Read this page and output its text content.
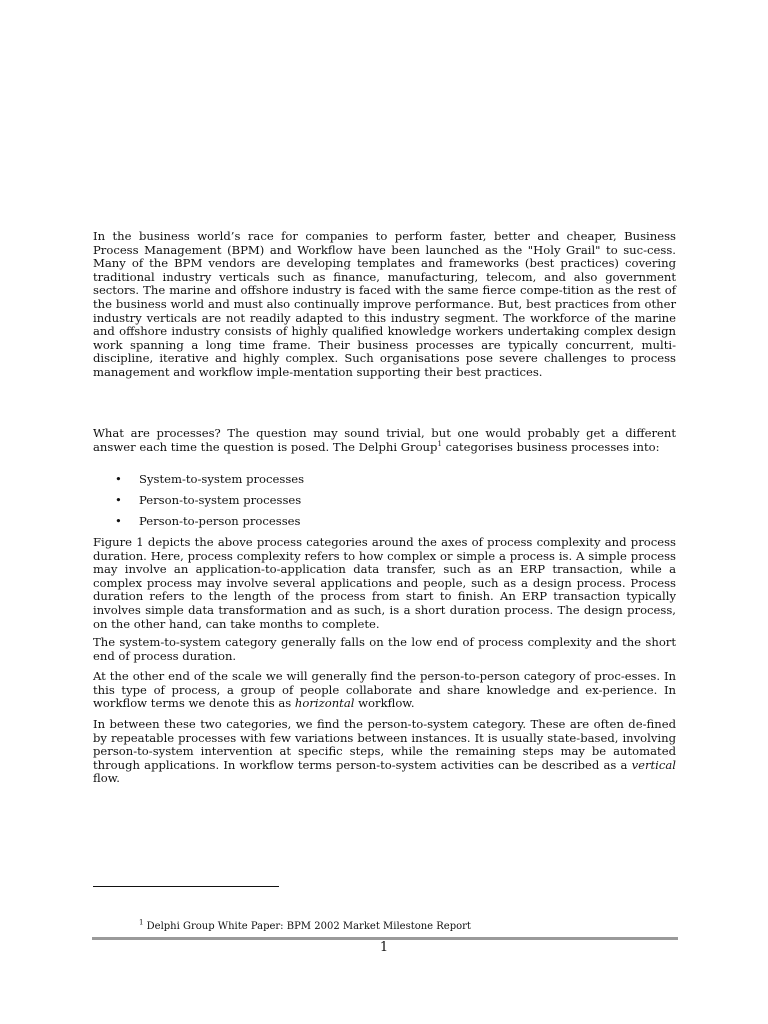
In the business world’s race for companies to perform faster, better and cheaper, Business Process Management (BPM) and Workflow have been launched as the "Holy Grail" to suc-cess. Many of the BPM vendors are developing templates and frameworks (best practices) covering traditional industry verticals such as finance, manufacturing, telecom, and also government sectors. The marine and offshore industry is faced with the same fierce compe-tition as the rest of the business world and must also continually improve performance. But, best practices from other industry verticals are not readily adapted to this industry segment. The workforce of the marine and offshore industry consists of highly qualified knowledge workers undertaking complex design work spanning a long time frame. Their business processes are typically concurrent, multi-discipline, iterative and highly complex. Such organisations pose severe challenges to process management and workflow imple-mentation supporting their best practices.

What are processes? The question may sound trivial, but one would probably get a different answer each time the question is posed. The Delphi Group$^1$ categorises business processes into:

• System-to-system processes
• Person-to-system processes
• Person-to-person processes

Figure 1 depicts the above process categories around the axes of process complexity and process duration. Here, process complexity refers to how complex or simple a process is. A simple process may involve an application-to-application data transfer, such as an ERP transaction, while a complex process may involve several applications and people, such as a design process. Process duration refers to the length of the process from start to finish. An ERP transaction typically involves simple data transformation and as such, is a short duration process. The design process, on the other hand, can take months to complete.

The system-to-system category generally falls on the low end of process complexity and the short end of process duration.

At the other end of the scale we will generally find the person-to-person category of proc-esses. In this type of process, a group of people collaborate and share knowledge and ex-perience. In workflow terms we denote this as horizontal workflow.

In between these two categories, we find the person-to-system category. These are often de-fined by repeatable processes with few variations between instances. It is usually state-based, involving person-to-system intervention at specific steps, while the remaining steps may be automated through applications. In workflow terms person-to-system activities can be described as a vertical flow.

$^1$ Delphi Group White Paper: BPM 2002 Market Milestone Report

1
